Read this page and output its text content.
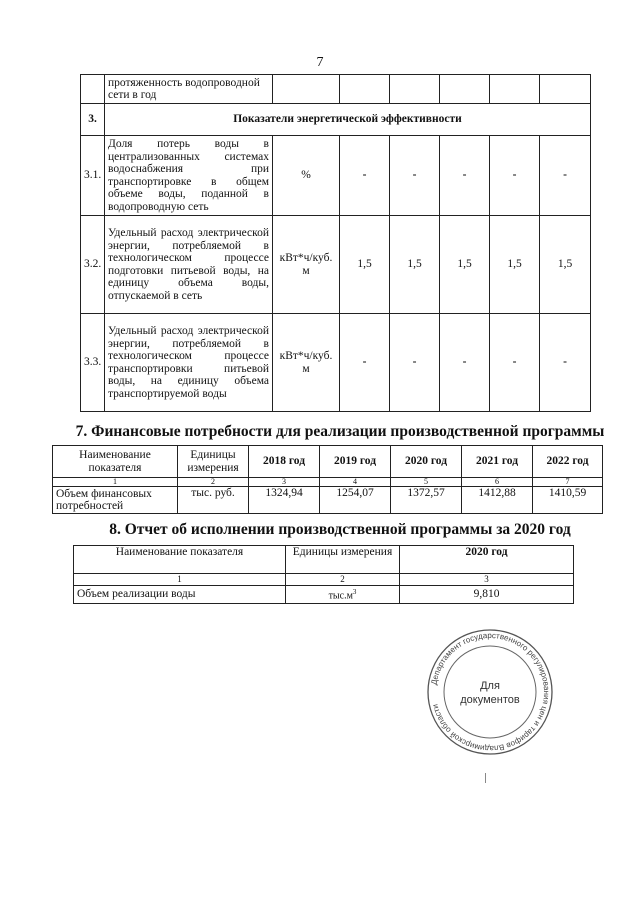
7
	протяженность водопроводной сети в год						
3.	Показатели энергетической эффективности						
3.1.	Доля потерь воды в централизованных системах водоснабжения при транспортировке в общем объеме воды, поданной в водопроводную сеть	%	-	-	-	-	-
3.2.	Удельный расход электрической энергии, потребляемой в технологическом процессе подготовки питьевой воды, на единицу объема воды, отпускаемой в сеть	кВт*ч/куб. м	1,5	1,5	1,5	1,5	1,5
3.3.	Удельный расход электрической энергии, потребляемой в технологическом процессе транспортировки питьевой воды, на единицу объема транспортируемой воды	кВт*ч/куб. м	-	-	-	-	-
7. Финансовые потребности для реализации производственной программы
Наименование показателя	Единицы измерения	2018 год	2019 год	2020 год	2021 год	2022 год
1	2	3	4	5	6	7
Объем финансовых потребностей	тыс. руб.	1324,94	1254,07	1372,57	1412,88	1410,59
8. Отчет об исполнении производственной программы за 2020 год
Наименование показателя	Единицы измерения	2020 год
1	2	3
Объем реализации воды	$тыс.м^3$	9,810
Департамент государственного регулирования цен и тарифов Владимирской области
Для
документов
